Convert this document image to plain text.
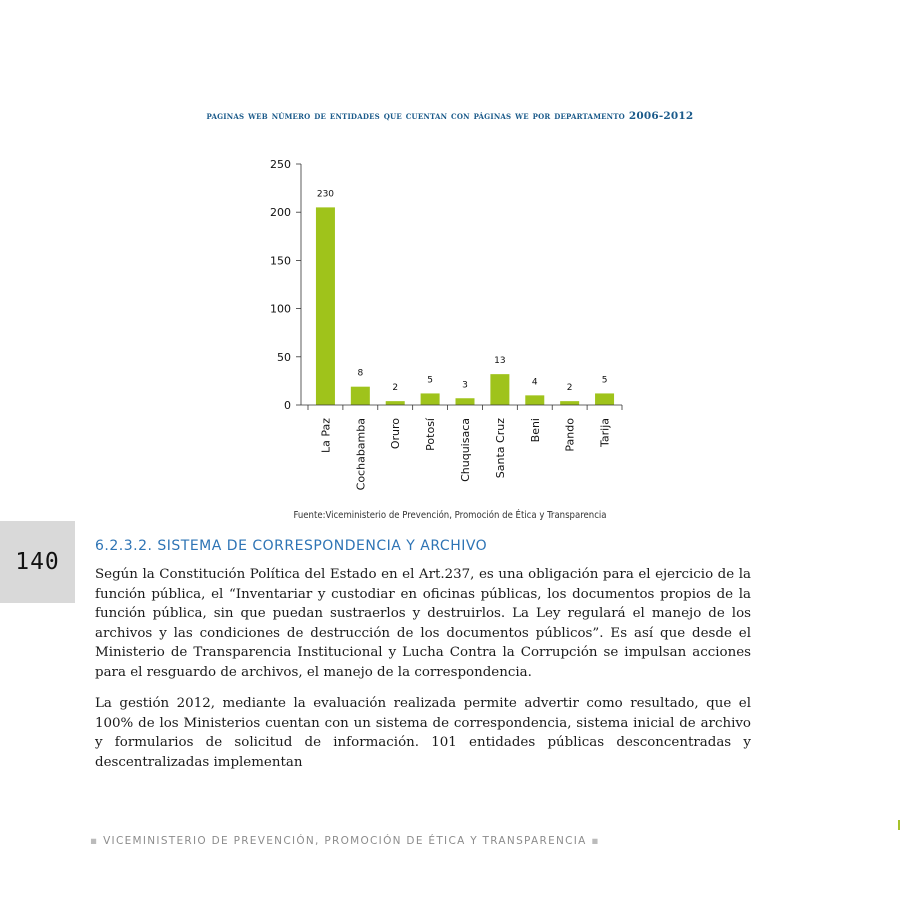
paginas web número de entidades que cuentan con páginas we por departamento 2006-2012
0
50
100
150
200
250
230
8
2
5	3
13
4
2
5
La Paz Cochabamba Oruro Potosí Chuquisaca Santa Cruz Beni Pando Tarija
Fuente:Viceministerio de Prevención, Promoción de Ética y Transparencia
140
6.2.3.2. SISTEMA DE CORRESPONDENCIA Y ARCHIVO

Según la Constitución Política del Estado en el Art.237, es una obligación para el ejercicio de la función pública, el “Inventariar y custodiar en oficinas públicas, los documentos propios de la función pública, sin que puedan sustraerlos y destruirlos. La Ley regulará el manejo de los archivos y las condiciones de destrucción de los documentos públicos”. Es así que desde el Ministerio de Transparencia Institucional y Lucha Contra la Corrupción se impulsan acciones para el resguardo de archivos, el manejo de la correspondencia.

La gestión 2012, mediante la evaluación realizada permite advertir como resultado, que el 100% de los Ministerios cuentan con un sistema de correspondencia, sistema inicial de archivo y formularios de solicitud de información. 101 entidades públicas desconcentradas y descentralizadas implementan

▪ VICEMINISTERIO DE PREVENCIÓN, PROMOCIÓN DE ÉTICA Y TRANSPARENCIA ▪
